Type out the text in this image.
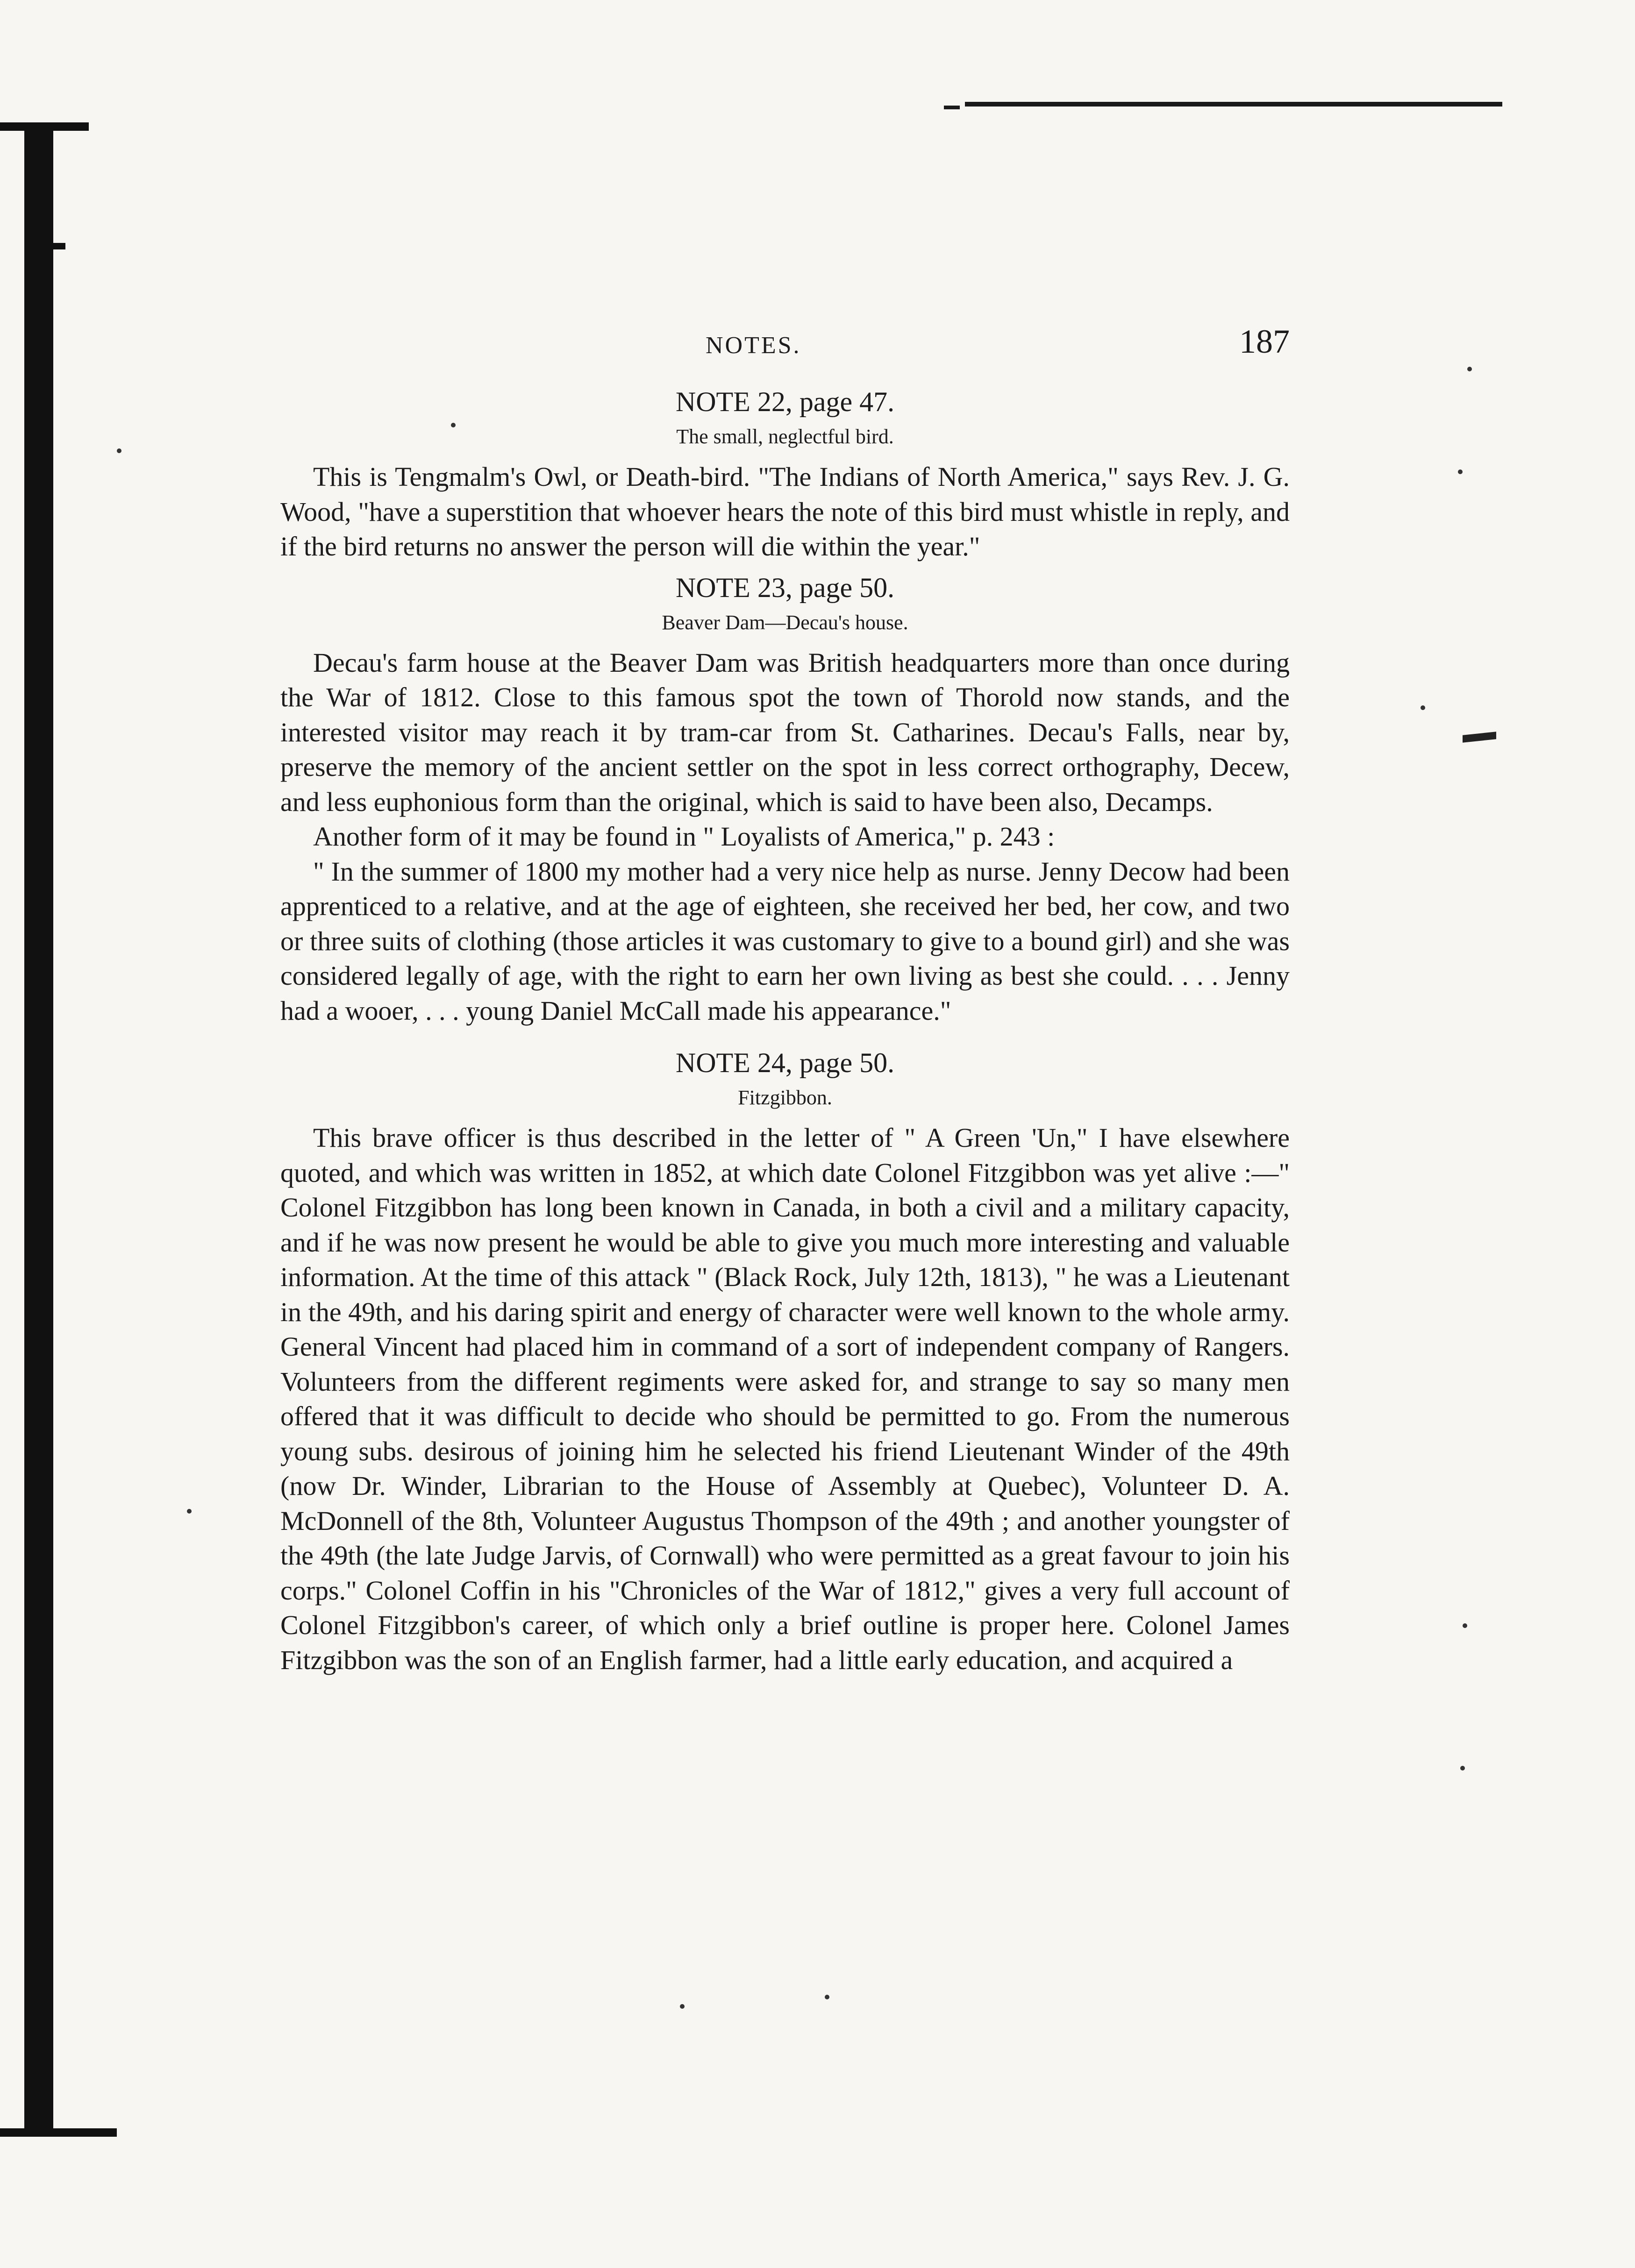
NOTES.	187

NOTE 22, page 47.

The small, neglectful bird.

This is Tengmalm's Owl, or Death-bird. "The Indians of North America," says Rev. J. G. Wood, "have a superstition that whoever hears the note of this bird must whistle in reply, and if the bird returns no answer the person will die within the year."

NOTE 23, page 50.

Beaver Dam—Decau's house.

Decau's farm house at the Beaver Dam was British headquarters more than once during the War of 1812. Close to this famous spot the town of Thorold now stands, and the interested visitor may reach it by tram-car from St. Catharines. Decau's Falls, near by, preserve the memory of the ancient settler on the spot in less correct orthography, Decew, and less euphonious form than the original, which is said to have been also, Decamps.

Another form of it may be found in " Loyalists of America," p. 243 :

" In the summer of 1800 my mother had a very nice help as nurse. Jenny Decow had been apprenticed to a relative, and at the age of eighteen, she received her bed, her cow, and two or three suits of clothing (those articles it was customary to give to a bound girl) and she was considered legally of age, with the right to earn her own living as best she could. . . . Jenny had a wooer, . . . young Daniel McCall made his appearance."

NOTE 24, page 50.

Fitzgibbon.

This brave officer is thus described in the letter of " A Green 'Un," I have elsewhere quoted, and which was written in 1852, at which date Colonel Fitzgibbon was yet alive :—" Colonel Fitzgibbon has long been known in Canada, in both a civil and a military capacity, and if he was now present he would be able to give you much more interesting and valuable information. At the time of this attack " (Black Rock, July 12th, 1813), " he was a Lieutenant in the 49th, and his daring spirit and energy of character were well known to the whole army. General Vincent had placed him in command of a sort of independent company of Rangers. Volunteers from the different regiments were asked for, and strange to say so many men offered that it was difficult to decide who should be permitted to go. From the numerous young subs. desirous of joining him he selected his friend Lieutenant Winder of the 49th (now Dr. Winder, Librarian to the House of Assembly at Quebec), Volunteer D. A. McDonnell of the 8th, Volunteer Augustus Thompson of the 49th ; and another youngster of the 49th (the late Judge Jarvis, of Cornwall) who were permitted as a great favour to join his corps." Colonel Coffin in his "Chronicles of the War of 1812," gives a very full account of Colonel Fitzgibbon's career, of which only a brief outline is proper here. Colonel James Fitzgibbon was the son of an English farmer, had a little early education, and acquired a
